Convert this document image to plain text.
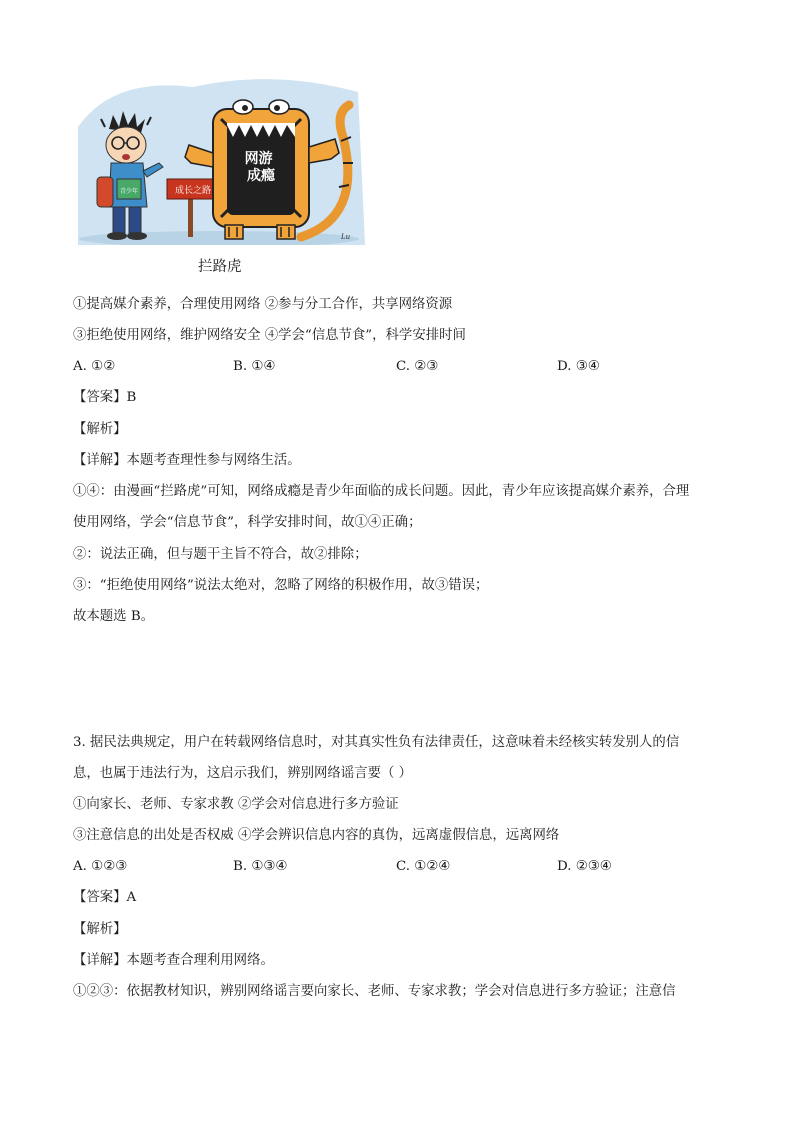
青少年	成长之路
网游 成瘾
Lu
拦路虎

①提高媒介素养，合理使用网络 ②参与分工合作，共享网络资源

③拒绝使用网络，维护网络安全 ④学会“信息节食”，科学安排时间

A. ①②	B. ①④	C. ②③	D. ③④

【答案】B

【解析】

【详解】本题考查理性参与网络生活。

①④：由漫画“拦路虎”可知，网络成瘾是青少年面临的成长问题。因此，青少年应该提高媒介素养，合理

使用网络，学会“信息节食”，科学安排时间，故①④正确；

②：说法正确，但与题干主旨不符合，故②排除；

③：“拒绝使用网络”说法太绝对，忽略了网络的积极作用，故③错误；

故本题选 B。

3. 据民法典规定，用户在转载网络信息时，对其真实性负有法律责任，这意味着未经核实转发别人的信

息，也属于违法行为，这启示我们，辨别网络谣言要（ ）

①向家长、老师、专家求教 ②学会对信息进行多方验证

③注意信息的出处是否权威 ④学会辨识信息内容的真伪，远离虚假信息，远离网络

A. ①②③	B. ①③④	C. ①②④	D. ②③④

【答案】A

【解析】

【详解】本题考查合理利用网络。

①②③：依据教材知识，辨别网络谣言要向家长、老师、专家求教；学会对信息进行多方验证；注意信
